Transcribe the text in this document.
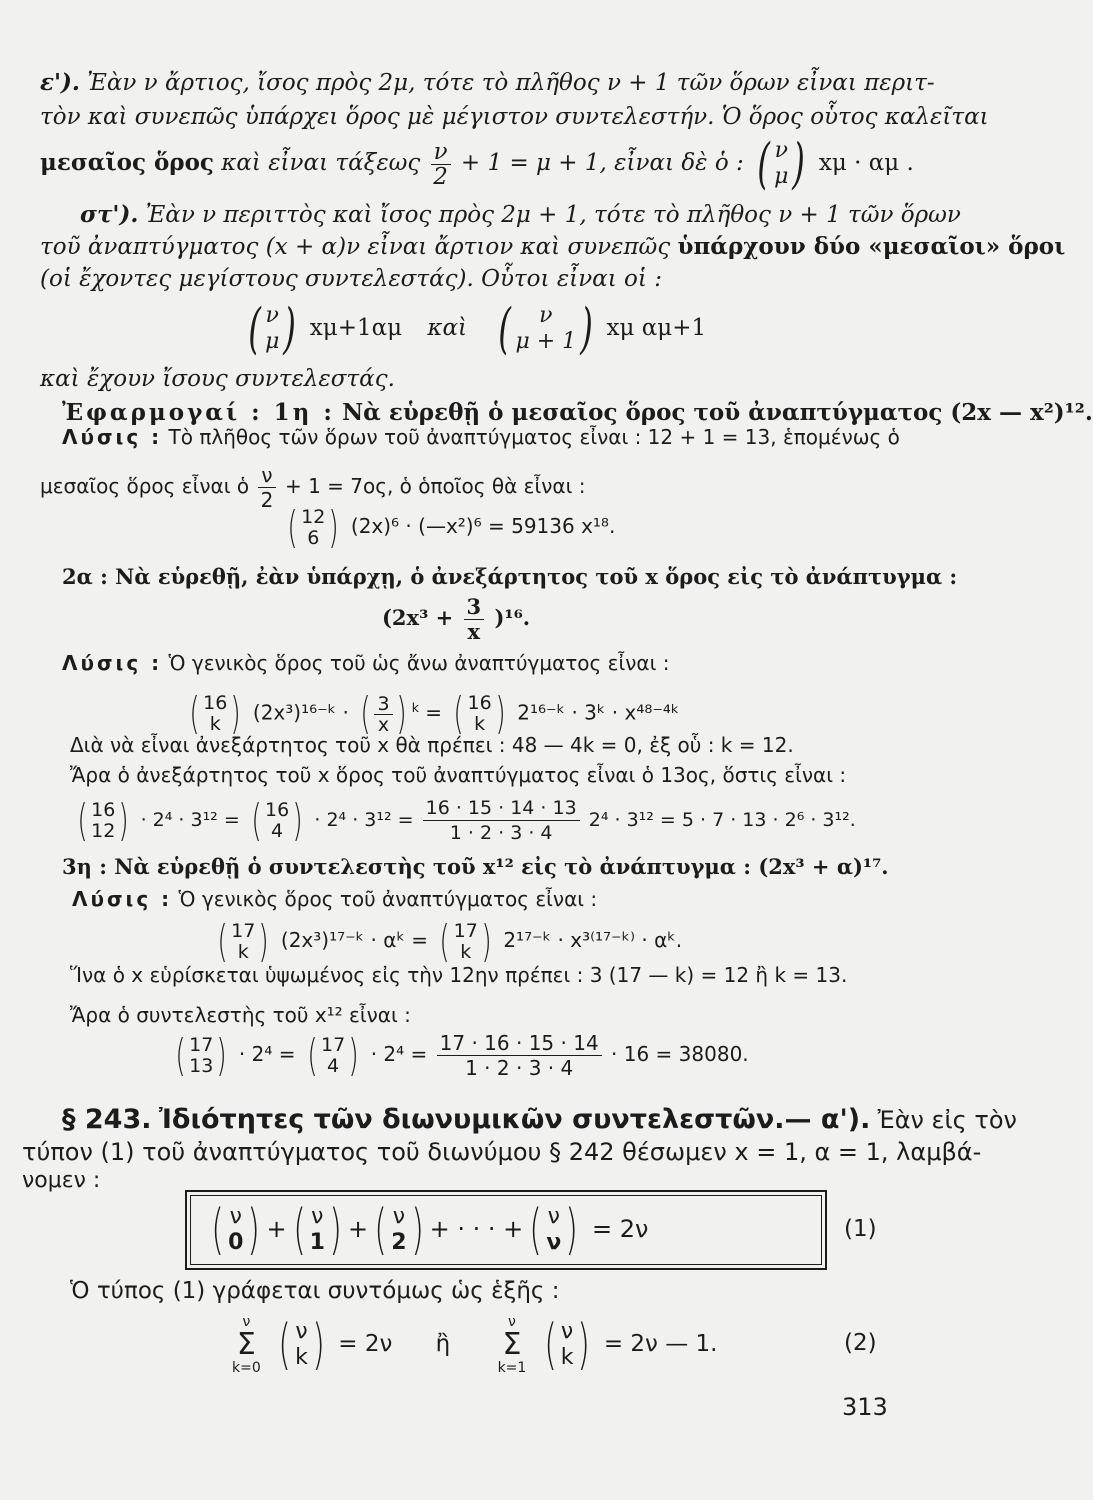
ε'). Ἐὰν ν ἄρτιος, ἴσος πρὸς 2μ, τότε τὸ πλῆθος ν + 1 τῶν ὅρων εἶναι περιτ-
τὸν καὶ συνεπῶς ὑπάρχει ὅρος μὲ μέγιστον συντελεστήν. Ὁ ὅρος οὗτος καλεῖται
μεσαῖος ὅρος καὶ εἶναι τάξεως $\frac{\nu}{2} + 1 = \mu + 1$, εἶναι δὲ ὁ : ( ν
μ ) xμ · αμ .
στ'). Ἐὰν ν περιττὸς καὶ ἴσος πρὸς 2μ + 1, τότε τὸ πλῆθος ν + 1 τῶν ὅρων
τοῦ ἀναπτύγματος (x + α)ν εἶναι ἄρτιον καὶ συνεπῶς ὑπάρχουν δύο «μεσαῖοι» ὅροι
(οἱ ἔχοντες μεγίστους συντελεστάς). Οὗτοι εἶναι οἱ :
( ν
μ ) xμ+1αμ καὶ (	ν
μ + 1 ) xμ αμ+1
καὶ ἔχουν ἴσους συντελεστάς.
Ἐφαρμογαί : 1η : Νὰ εὑρεθῇ ὁ μεσαῖος ὅρος τοῦ ἀναπτύγματος (2x — x²)¹².
Λύσις : Τὸ πλῆθος τῶν ὅρων τοῦ ἀναπτύγματος εἶναι : 12 + 1 = 13, ἑπομένως ὁ
μεσαῖος ὅρος εἶναι ὁ $\frac{\nu}{2} + 1 = 7o\varsigma$, ὁ ὁποῖος θὰ εἶναι :
( 12
6 ) (2x)⁶ · (—x²)⁶ = 59136 x¹⁸.
2α : Νὰ εὑρεθῇ, ἐὰν ὑπάρχῃ, ὁ ἀνεξάρτητος τοῦ x ὅρος εἰς τὸ ἀνάπτυγμα :
$(2x^3 + \frac{3}{x} )^{16}$.
Λύσις : Ὁ γενικὸς ὅρος τοῦ ὡς ἄνω ἀναπτύγματος εἶναι :
( 16
k ) (2x³)¹⁶⁻ᵏ · ( $\frac{3}{x}$ ) $^k$ = ( 16
k ) 2¹⁶⁻ᵏ · 3ᵏ · x⁴⁸⁻⁴ᵏ
Διὰ νὰ εἶναι ἀνεξάρτητος τοῦ x θὰ πρέπει : 48 — 4k = 0, ἐξ οὗ : k = 12.
Ἄρα ὁ ἀνεξάρτητος τοῦ x ὅρος τοῦ ἀναπτύγματος εἶναι ὁ 13ος, ὅστις εἶναι :
( 16
12 ) · 2⁴ · 3¹² = ( 16
4 ) · $2^4 \cdot 3^{12} = \frac{16 \cdot 15 \cdot 14 \cdot 13}{1 \cdot 2 \cdot 3 \cdot 4} 2^4 \cdot 3^{12} = 5 \cdot 7 \cdot 13 \cdot 2^6 \cdot 3^{12}$.
3η : Νὰ εὑρεθῇ ὁ συντελεστὴς τοῦ x¹² εἰς τὸ ἀνάπτυγμα : (2x³ + α)¹⁷.
Λύσις : Ὁ γενικὸς ὅρος τοῦ ἀναπτύγματος εἶναι :
( 17
k ) (2x³)¹⁷⁻ᵏ · αᵏ = ( 17
k ) 2¹⁷⁻ᵏ · x³⁽¹⁷⁻ᵏ⁾ · αᵏ.
Ἵνα ὁ x εὑρίσκεται ὑψωμένος εἰς τὴν 12ην πρέπει : 3 (17 — k) = 12 ἢ k = 13.
Ἄρα ὁ συντελεστὴς τοῦ x¹² εἶναι :
( 17
13 ) · 2⁴ = ( 17
4 ) · $2^4 = \frac{17 \cdot 16 \cdot 15 \cdot 14}{1 \cdot 2 \cdot 3 \cdot 4} \cdot 16 = 38080$.
§ 243. Ἰδιότητες τῶν διωνυμικῶν συντελεστῶν.— α'). Ἐὰν εἰς τὸν
τύπον (1) τοῦ ἀναπτύγματος τοῦ διωνύμου § 242 θέσωμεν x = 1, α = 1, λαμβά-
νομεν :
( ν
0 ) + ( ν
1 ) + ( ν
2 ) + · · · + ( ν
ν ) = 2ν	(1)
Ὁ τύπος (1) γράφεται συντόμως ὡς ἑξῆς :
ν
Σ
k=0
( ν
k ) = 2ν ἢ
ν
Σ
k=1
( ν
k ) = 2ν — 1.	(2)
313
